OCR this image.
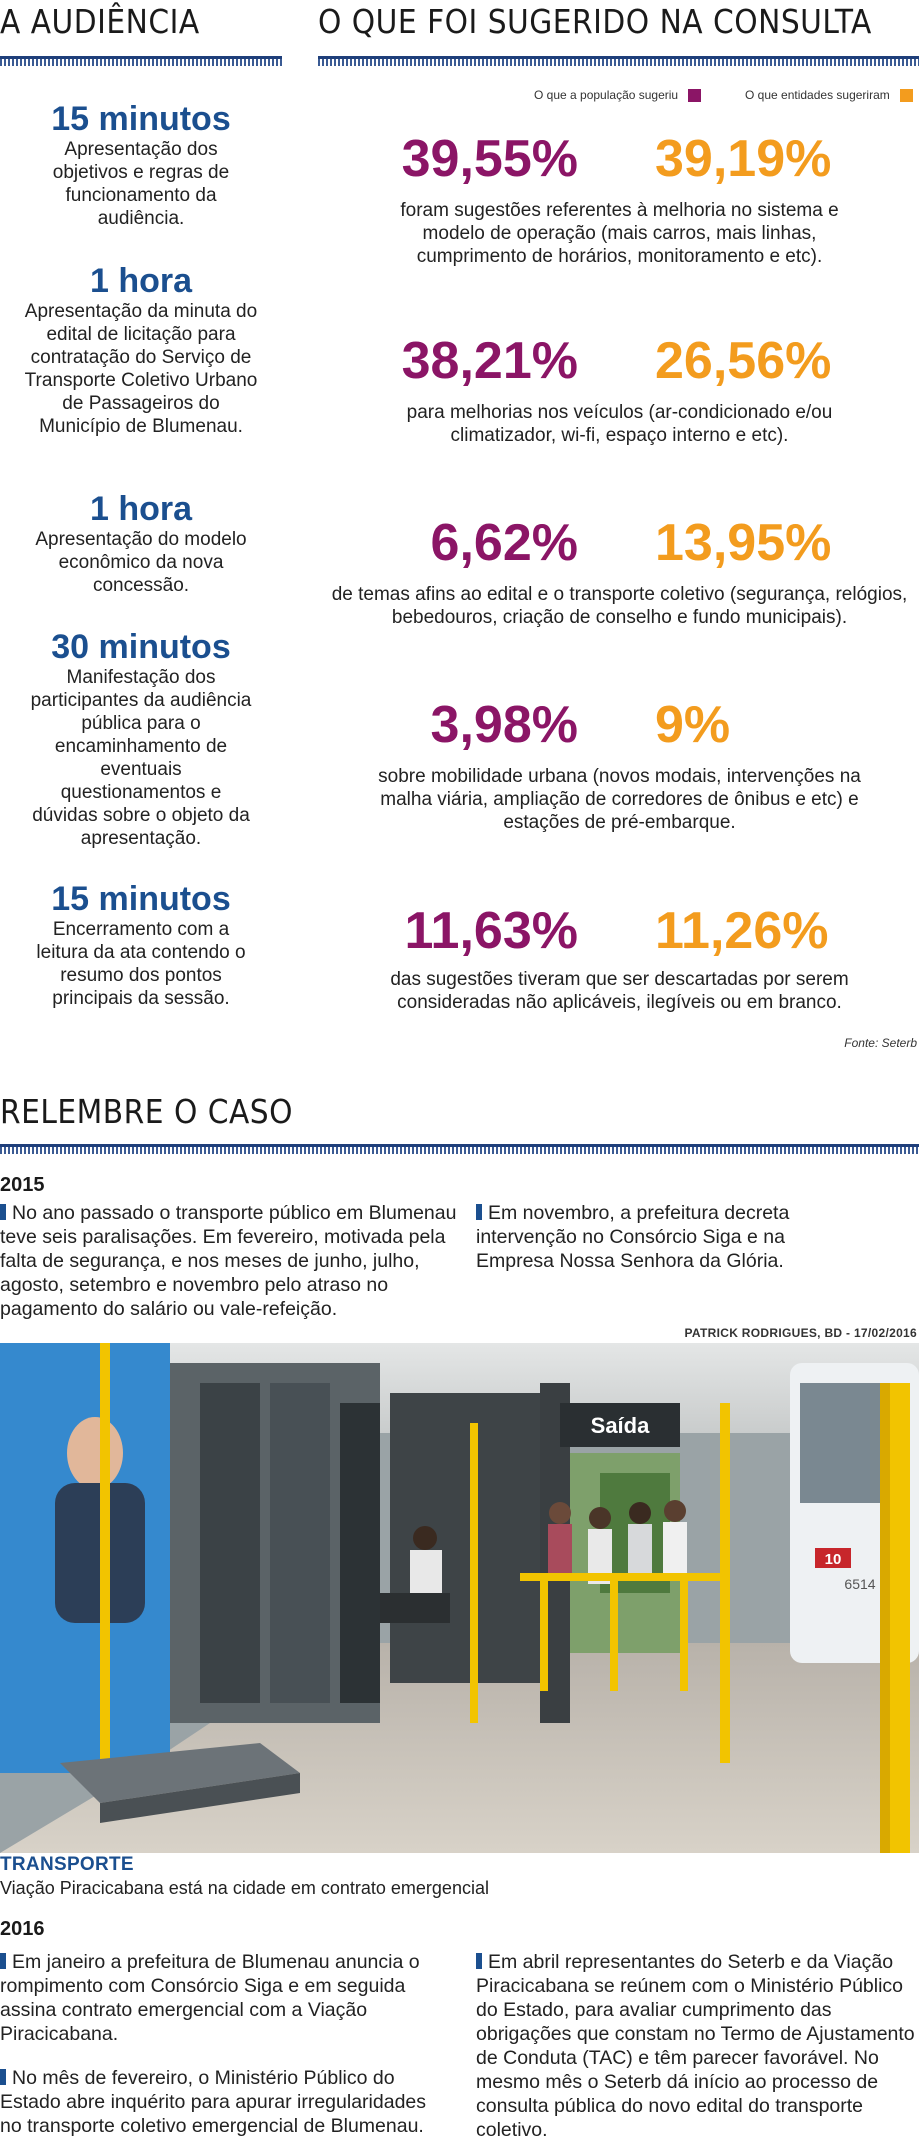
A AUDIÊNCIA	O QUE FOI SUGERIDO NA CONSULTA
O que a população sugeriu	O que entidades sugeriram
15 minutos
Apresentação dos objetivos e regras de funcionamento da audiência.
1 hora
Apresentação da minuta do edital de licitação para contratação do Serviço de Transporte Coletivo Urbano de Passageiros do Município de Blumenau.
1 hora
Apresentação do modelo econômico da nova concessão.
30 minutos
Manifestação dos participantes da audiência pública para o encaminhamento de eventuais questionamentos e dúvidas sobre o objeto da apresentação.
15 minutos
Encerramento com a leitura da ata contendo o resumo dos pontos principais da sessão.
39,55% 39,19%
foram sugestões referentes à melhoria no sistema e modelo de operação (mais carros, mais linhas, cumprimento de horários, monitoramento e etc).
38,21% 26,56%
para melhorias nos veículos (ar-condicionado e/ou climatizador, wi-fi, espaço interno e etc).
6,62% 13,95%
de temas afins ao edital e o transporte coletivo (segurança, relógios, bebedouros, criação de conselho e fundo municipais).
3,98% 9%
sobre mobilidade urbana (novos modais, intervenções na malha viária, ampliação de corredores de ônibus e etc) e estações de pré-embarque.
11,63% 11,26%
das sugestões tiveram que ser descartadas por serem consideradas não aplicáveis, ilegíveis ou em branco.
Fonte: Seterb
RELEMBRE O CASO
2015
No ano passado o transporte público em Blumenau teve seis paralisações. Em fevereiro, motivada pela falta de segurança, e nos meses de junho, julho, agosto, setembro e novembro pelo atraso no pagamento do salário ou vale-refeição.
Em novembro, a prefeitura decreta intervenção no Consórcio Siga e na Empresa Nossa Senhora da Glória.
PATRICK RODRIGUES, BD - 17/02/2016
Saída
10
6514
TRANSPORTE
Viação Piracicabana está na cidade em contrato emergencial
2016
Em janeiro a prefeitura de Blumenau anuncia o rompimento com Consórcio Siga e em seguida assina contrato emergencial com a Viação Piracicabana.
No mês de fevereiro, o Ministério Público do Estado abre inquérito para apurar irregularidades no transporte coletivo emergencial de Blumenau.
Em abril representantes do Seterb e da Viação Piracicabana se reúnem com o Ministério Público do Estado, para avaliar cumprimento das obrigações que constam no Termo de Ajustamento de Conduta (TAC) e têm parecer favorável. No mesmo mês o Seterb dá início ao processo de consulta pública do novo edital do transporte coletivo.
